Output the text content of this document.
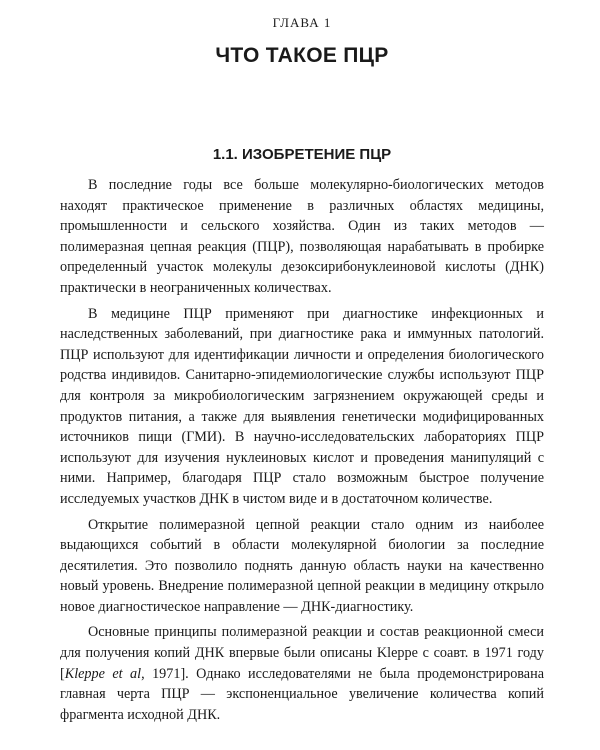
ГЛАВА 1

ЧТО ТАКОЕ ПЦР
1.1. ИЗОБРЕТЕНИЕ ПЦР

В последние годы все больше молекулярно-биологических методов находят практическое применение в различных областях медицины, промышленности и сельского хозяйства. Один из таких методов — полимеразная цепная реакция (ПЦР), позволяющая нарабатывать в пробирке определенный участок молекулы дезоксирибонуклеиновой кислоты (ДНК) практически в неограниченных количествах.

В медицине ПЦР применяют при диагностике инфекционных и наследственных заболеваний, при диагностике рака и иммунных патологий. ПЦР используют для идентификации личности и определения биологического родства индивидов. Санитарно-эпидемиологические службы используют ПЦР для контроля за микробиологическим загрязнением окружающей среды и продуктов питания, а также для выявления генетически модифицированных источников пищи (ГМИ). В научно-исследовательских лабораториях ПЦР используют для изучения нуклеиновых кислот и проведения манипуляций с ними. Например, благодаря ПЦР стало возможным быстрое получение исследуемых участков ДНК в чистом виде и в достаточном количестве.

Открытие полимеразной цепной реакции стало одним из наиболее выдающихся событий в области молекулярной биологии за последние десятилетия. Это позволило поднять данную область науки на качественно новый уровень. Внедрение полимеразной цепной реакции в медицину открыло новое диагностическое направление — ДНК-диагностику.

Основные принципы полимеразной реакции и состав реакционной смеси для получения копий ДНК впервые были описаны Kleppe с соавт. в 1971 году [Kleppe et al, 1971]. Однако исследователями не была продемонстрирована главная черта ПЦР — экспоненциальное увеличение количества копий фрагмента исходной ДНК.
